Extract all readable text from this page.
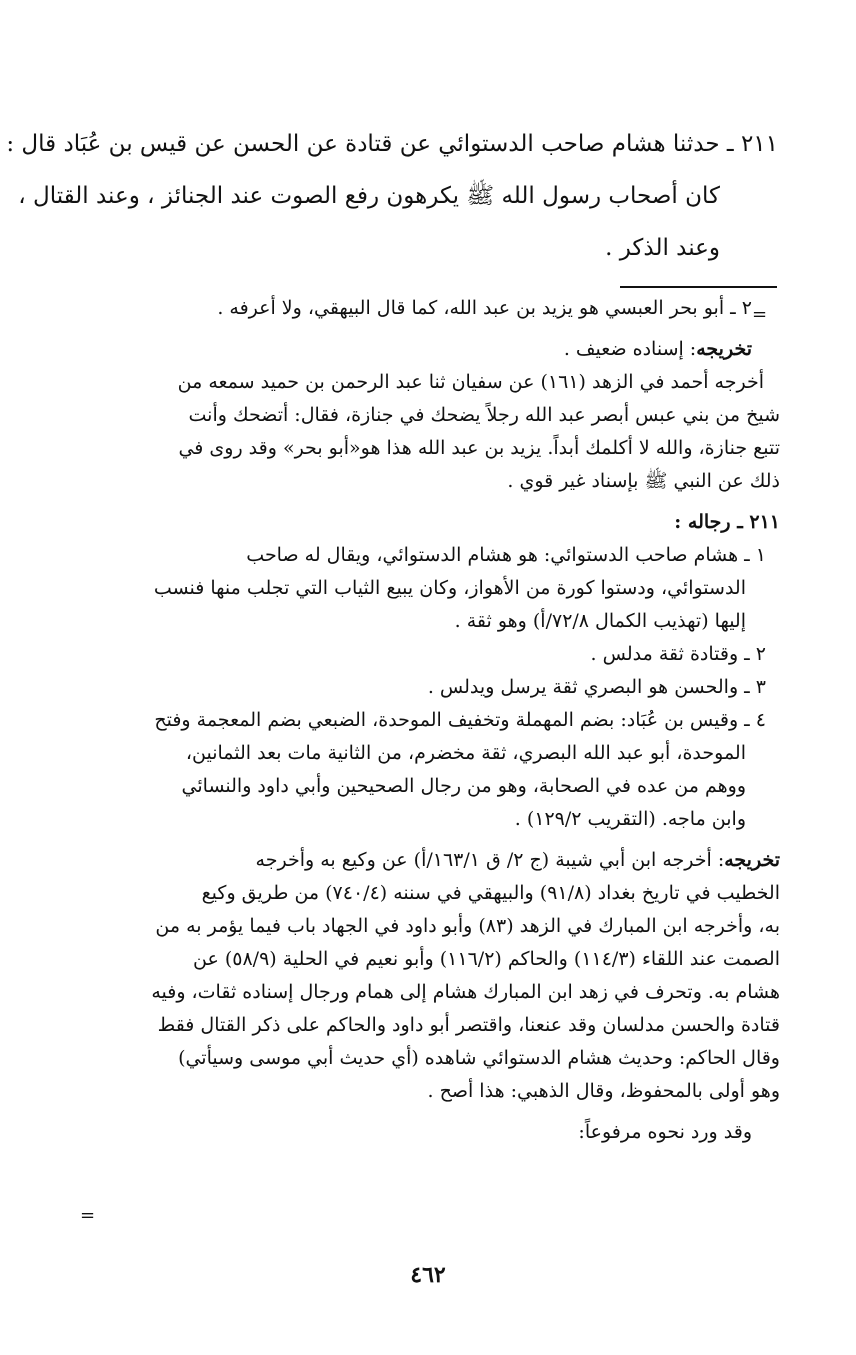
٢١١ ـ حدثنا هشام صاحب الدستوائي عن قتادة عن الحسن عن قيس بن عُبَاد قال :
كان أصحاب رسول الله ﷺ يكرهون رفع الصوت عند الجنائز ، وعند القتال ،
وعند الذكر .
=
٢ ـ أبو بحر العبسي هو يزيد بن عبد الله، كما قال البيهقي، ولا أعرفه .
تخريجه: إسناده ضعيف .
أخرجه أحمد في الزهد (١٦١) عن سفيان ثنا عبد الرحمن بن حميد سمعه من
شيخ من بني عبس أبصر عبد الله رجلاً يضحك في جنازة، فقال: أتضحك وأنت
تتبع جنازة، والله لا أكلمك أبداً. يزيد بن عبد الله هذا هو«أبو بحر» وقد روى في
ذلك عن النبي ﷺ بإسناد غير قوي .
٢١١ ـ رجاله :
١ ـ هشام صاحب الدستوائي: هو هشام الدستوائي، ويقال له صاحب
الدستوائي، ودستوا كورة من الأهواز، وكان يبيع الثياب التي تجلب منها فنسب
إليها (تهذيب الكمال ٧٢/٨/أ) وهو ثقة .
٢ ـ وقتادة ثقة مدلس .
٣ ـ والحسن هو البصري ثقة يرسل ويدلس .
٤ ـ وقيس بن عُبَاد: بضم المهملة وتخفيف الموحدة، الضبعي بضم المعجمة وفتح
الموحدة، أبو عبد الله البصري، ثقة مخضرم، من الثانية مات بعد الثمانين،
ووهم من عده في الصحابة، وهو من رجال الصحيحين وأبي داود والنسائي
وابن ماجه. (التقريب ١٢٩/٢) .
تخريجه: أخرجه ابن أبي شيبة (ج ٢/ ق ١٦٣/١/أ) عن وكيع به وأخرجه
الخطيب في تاريخ بغداد (٩١/٨) والبيهقي في سننه (٧٤٠/٤) من طريق وكيع
به، وأخرجه ابن المبارك في الزهد (٨٣) وأبو داود في الجهاد باب فيما يؤمر به من
الصمت عند اللقاء (١١٤/٣) والحاكم (١١٦/٢) وأبو نعيم في الحلية (٥٨/٩) عن
هشام به. وتحرف في زهد ابن المبارك هشام إلى همام ورجال إسناده ثقات، وفيه
قتادة والحسن مدلسان وقد عنعنا، واقتصر أبو داود والحاكم على ذكر القتال فقط
وقال الحاكم: وحديث هشام الدستوائي شاهده (أي حديث أبي موسى وسيأتي)
وهو أولى بالمحفوظ، وقال الذهبي: هذا أصح .
وقد ورد نحوه مرفوعاً:
=
٤٦٢
